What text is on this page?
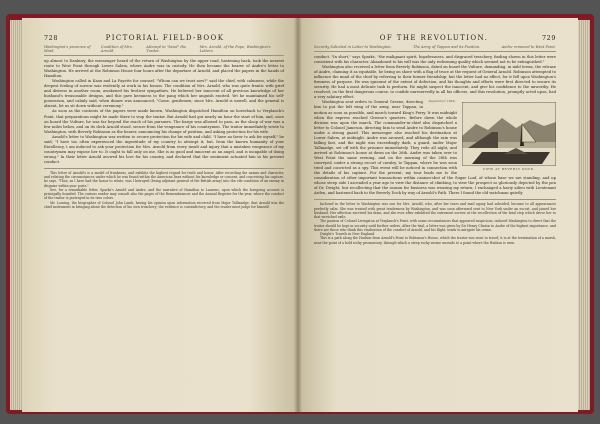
728	PICTORIAL FIELD-BOOK
Washington's presence of Mind.
Condition of Mrs. Arnold.
Attempt to "bend" the Traitor.
Mrs. Arnold, of the Pope, Washington's Letters.

up almost to Danbury, the messenger heard of the return of Washington by the upper road, hastening back, took the nearest route to West Point through Lower Salem, where Andre was in custody. He then became the bearer of Andre's letter to Washington. He arrived at the Robinson House four hours after the departure of Arnold, and placed the papers in the hands of Hamilton.

Washington called in Knox and La Fayette for counsel. "Whom can we trust now?" said the chief, with calmness, while the deepest feeling of sorrow was evidently at work in his bosom. The condition of Mrs. Arnold, who was quite frantic with grief and distress in another room, awakened his liveliest sympathies. He believed her innocent of all previous knowledge of her husband's treasonable designs, and this gave keenness to the pang which her anguish excited. Yet he maintained his self-possession, and calmly said, when dinner was announced, "Come, gentlemen; since Mrs. Arnold is unwell, and the general is absent, let us sit down without ceremony."

As soon as the contents of the papers were made known, Washington dispatched Hamilton on horseback to Verplanck's Point, that preparations might be made there to stop the traitor. But Arnold had got nearly an hour the start of him, and, once on board the Vulture, he was far beyond the reach of his pursuers. The barge was allowed to pass, as the sloop of war was a few miles below, and on its deck Arnold stood, secure from the vengeance of his countrymen. The traitor immediately wrote to Washington, with Beverly Robinson as the bearer, announcing his change of position, and asking protection for his wife.

Arnold's letter to Washington was written to secure protection for his wife and child. "I have no favor to ask for myself," he said; "I have too often experienced the ingratitude of my country to attempt it; but, from the known humanity of your Excellency, I am induced to ask your protection for Mrs. Arnold from every insult and injury that a mistaken vengeance of my countrymen may expose her to. It ought to fall only on me. She is as good and innocent as an angel, and is incapable of doing wrong." In their letter Arnold avowed his love for his country, and declared that the sentiment actuated him in his present conduct.

This letter of Arnold's is a model of frankness, and exhibits the highest regard for truth and honor. After recording the names and character, and relating the circumstances under which he was found within the American lines without his knowledge or consent, and conceiving his capture, he says, "Thus, as I have had the honor to relate, was I betrayed (being adjutant general of the British army) into the vile condition of an enemy in disguise within your posts."

See, for a remarkable letter, Sparks's Arnold and Andre, and the narrative of Hamilton to Laurens, upon which the foregoing account is principally founded. The curious reader may consult also the pages of the Remembrancer and the Annual Register for the year, where the conduct of the traitor is portrayed in its true colors.

Mr. Lossing, the biographer of Colonel John Lamb, having his opinion upon information received from Major Tallmadge, that Arnold was the chief instrument in bringing about the detection of his own treachery; the evidence is contradictory, and the reader must judge for himself.

OF THE REVOLUTION.	729
Security Solicited in Letter to Washington.	The Army of Tappan and its Position.	Andre removed to West Point.

conduct. "In short," says Sparks, "the malignant spirit, hopelessness, and disgraced treachery, finding shown in this letter were consistent with his character. Abandoned to his will was the only redeeming quality which seemed not to be extinguished."

Washington also received a letter from Beverly Robinson, dated on board the Vulture, demanding, in mild terms, the release of Andre, claiming it as equitable, he being on shore with a flag of truce at the request of General Arnold. Robinson attempted to influence the mind of the chief by referring to their former friendship; but the letter had no effect, for it fell upon Washington's firmness of purpose. He was ignorant of the extent of defection, and his thoughts and efforts were first directed to ensure its security. He had a most delicate task to perform. He might suspect the innocent, and give his confidence to the unworthy. He resolved, on the first dangerous course, to confide unreservedly in all his officers, and this resolution, promptly acted upon, had a very salutary effect.

VIEW AT BEVERLY DOCK.
September, 1849.

Washington sent orders to General Greene, directing him to put the left wing of the army, near Tappan, in motion as soon as possible, and march toward King's Ferry. It was midnight when the express reached Greene's quarters. Before dawn the whole division was upon the march. The commander-in-chief also dispatched a letter to Colonel Jameson, directing him to send Andre to Robinson's house under a strong guard. This messenger also reached his destination at Lower Salem, at midnight. Andre was aroused, and although the rain was falling fast, and the night was exceedingly dark, a guard, under Major Tallmadge, set off with the prisoner immediately. They rode all night, and arrived at Robinson's house at dawn on the 26th. Andre was taken over to West Point the same evening, and on the morning of the 28th was conveyed, under a strong escort of cavalry, to Tappan, where he was soon tried and convicted as a spy. This event will be noticed in connection with the details of his capture. For the present, my tour leads me to the consideration of other important transactions within cannon-shot of the Sugar Loaf, of whose base we are standing, and up whose steep side I ascended a year ago to view the distance of climbing, to view the prospect so gloriously depicted by the pen of Dr. Dwight, but recollecting that the season for business was wearing my return, I exchanged a hasty adieu with Lieutenant Arden, and hastened back to the Beverly Dock by way of Arnold's Path. There I found the old watchman quietly

Inclosed in the letter to Washington was one for Mrs. Arnold, who, after her tears and mad agony had subsided, became to all appearances perfectly calm. She was treated with great tenderness by Washington, and was soon afterward sent to New York under an escort, and joined her husband. Her affection survived his fame, and she ever after exhibited the extremest sorrow at the recollection of the fatal step which drove her to that wretched exile.

The passion of Colonel Livingston at Verplanck's Point, with some circumstances that appeared suspicious, induced Washington to direct that the traitor should be kept in security until further orders. After the trial, a letter was given by Sir Henry Clinton to Andre of the highest importance, and there are those who think this vindication of the conduct of Arnold, and his flight, tends to mitigate his crime.

Dwight's Travels in New England.

This is a path along the Hudson from Arnold's Point to Robinson's House, which the traitor was wont to travel; it is at the termination of a marsh, near the point of a bold rocky promontory, through which a steep rocky ravine ascends to a point where the Hudson is seen.
